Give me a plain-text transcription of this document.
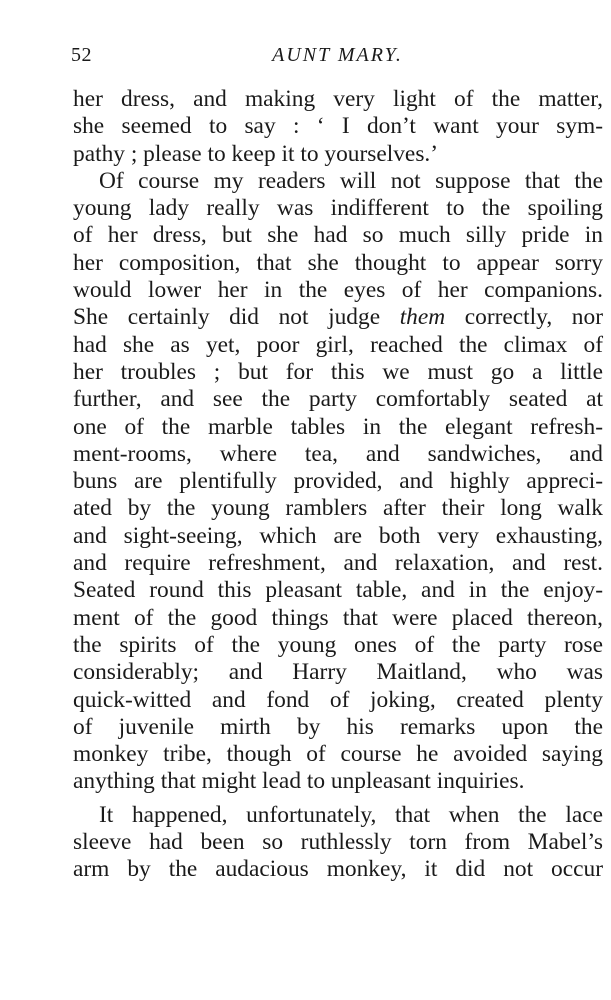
52	AUNT MARY.
her dress, and making very light of the matter,
she seemed to say : ‘ I don’t want your sym-
pathy ; please to keep it to yourselves.’
Of course my readers will not suppose that the
young lady really was indifferent to the spoiling
of her dress, but she had so much silly pride in
her composition, that she thought to appear sorry
would lower her in the eyes of her companions.
She certainly did not judge them correctly, nor
had she as yet, poor girl, reached the climax of
her troubles ; but for this we must go a little
further, and see the party comfortably seated at
one of the marble tables in the elegant refresh-
ment-rooms, where tea, and sandwiches, and
buns are plentifully provided, and highly appreci-
ated by the young ramblers after their long walk
and sight-seeing, which are both very exhausting,
and require refreshment, and relaxation, and rest.
Seated round this pleasant table, and in the enjoy-
ment of the good things that were placed thereon,
the spirits of the young ones of the party rose
considerably; and Harry Maitland, who was
quick-witted and fond of joking, created plenty
of juvenile mirth by his remarks upon the
monkey tribe, though of course he avoided saying
anything that might lead to unpleasant inquiries.
It happened, unfortunately, that when the lace
sleeve had been so ruthlessly torn from Mabel’s
arm by the audacious monkey, it did not occur
